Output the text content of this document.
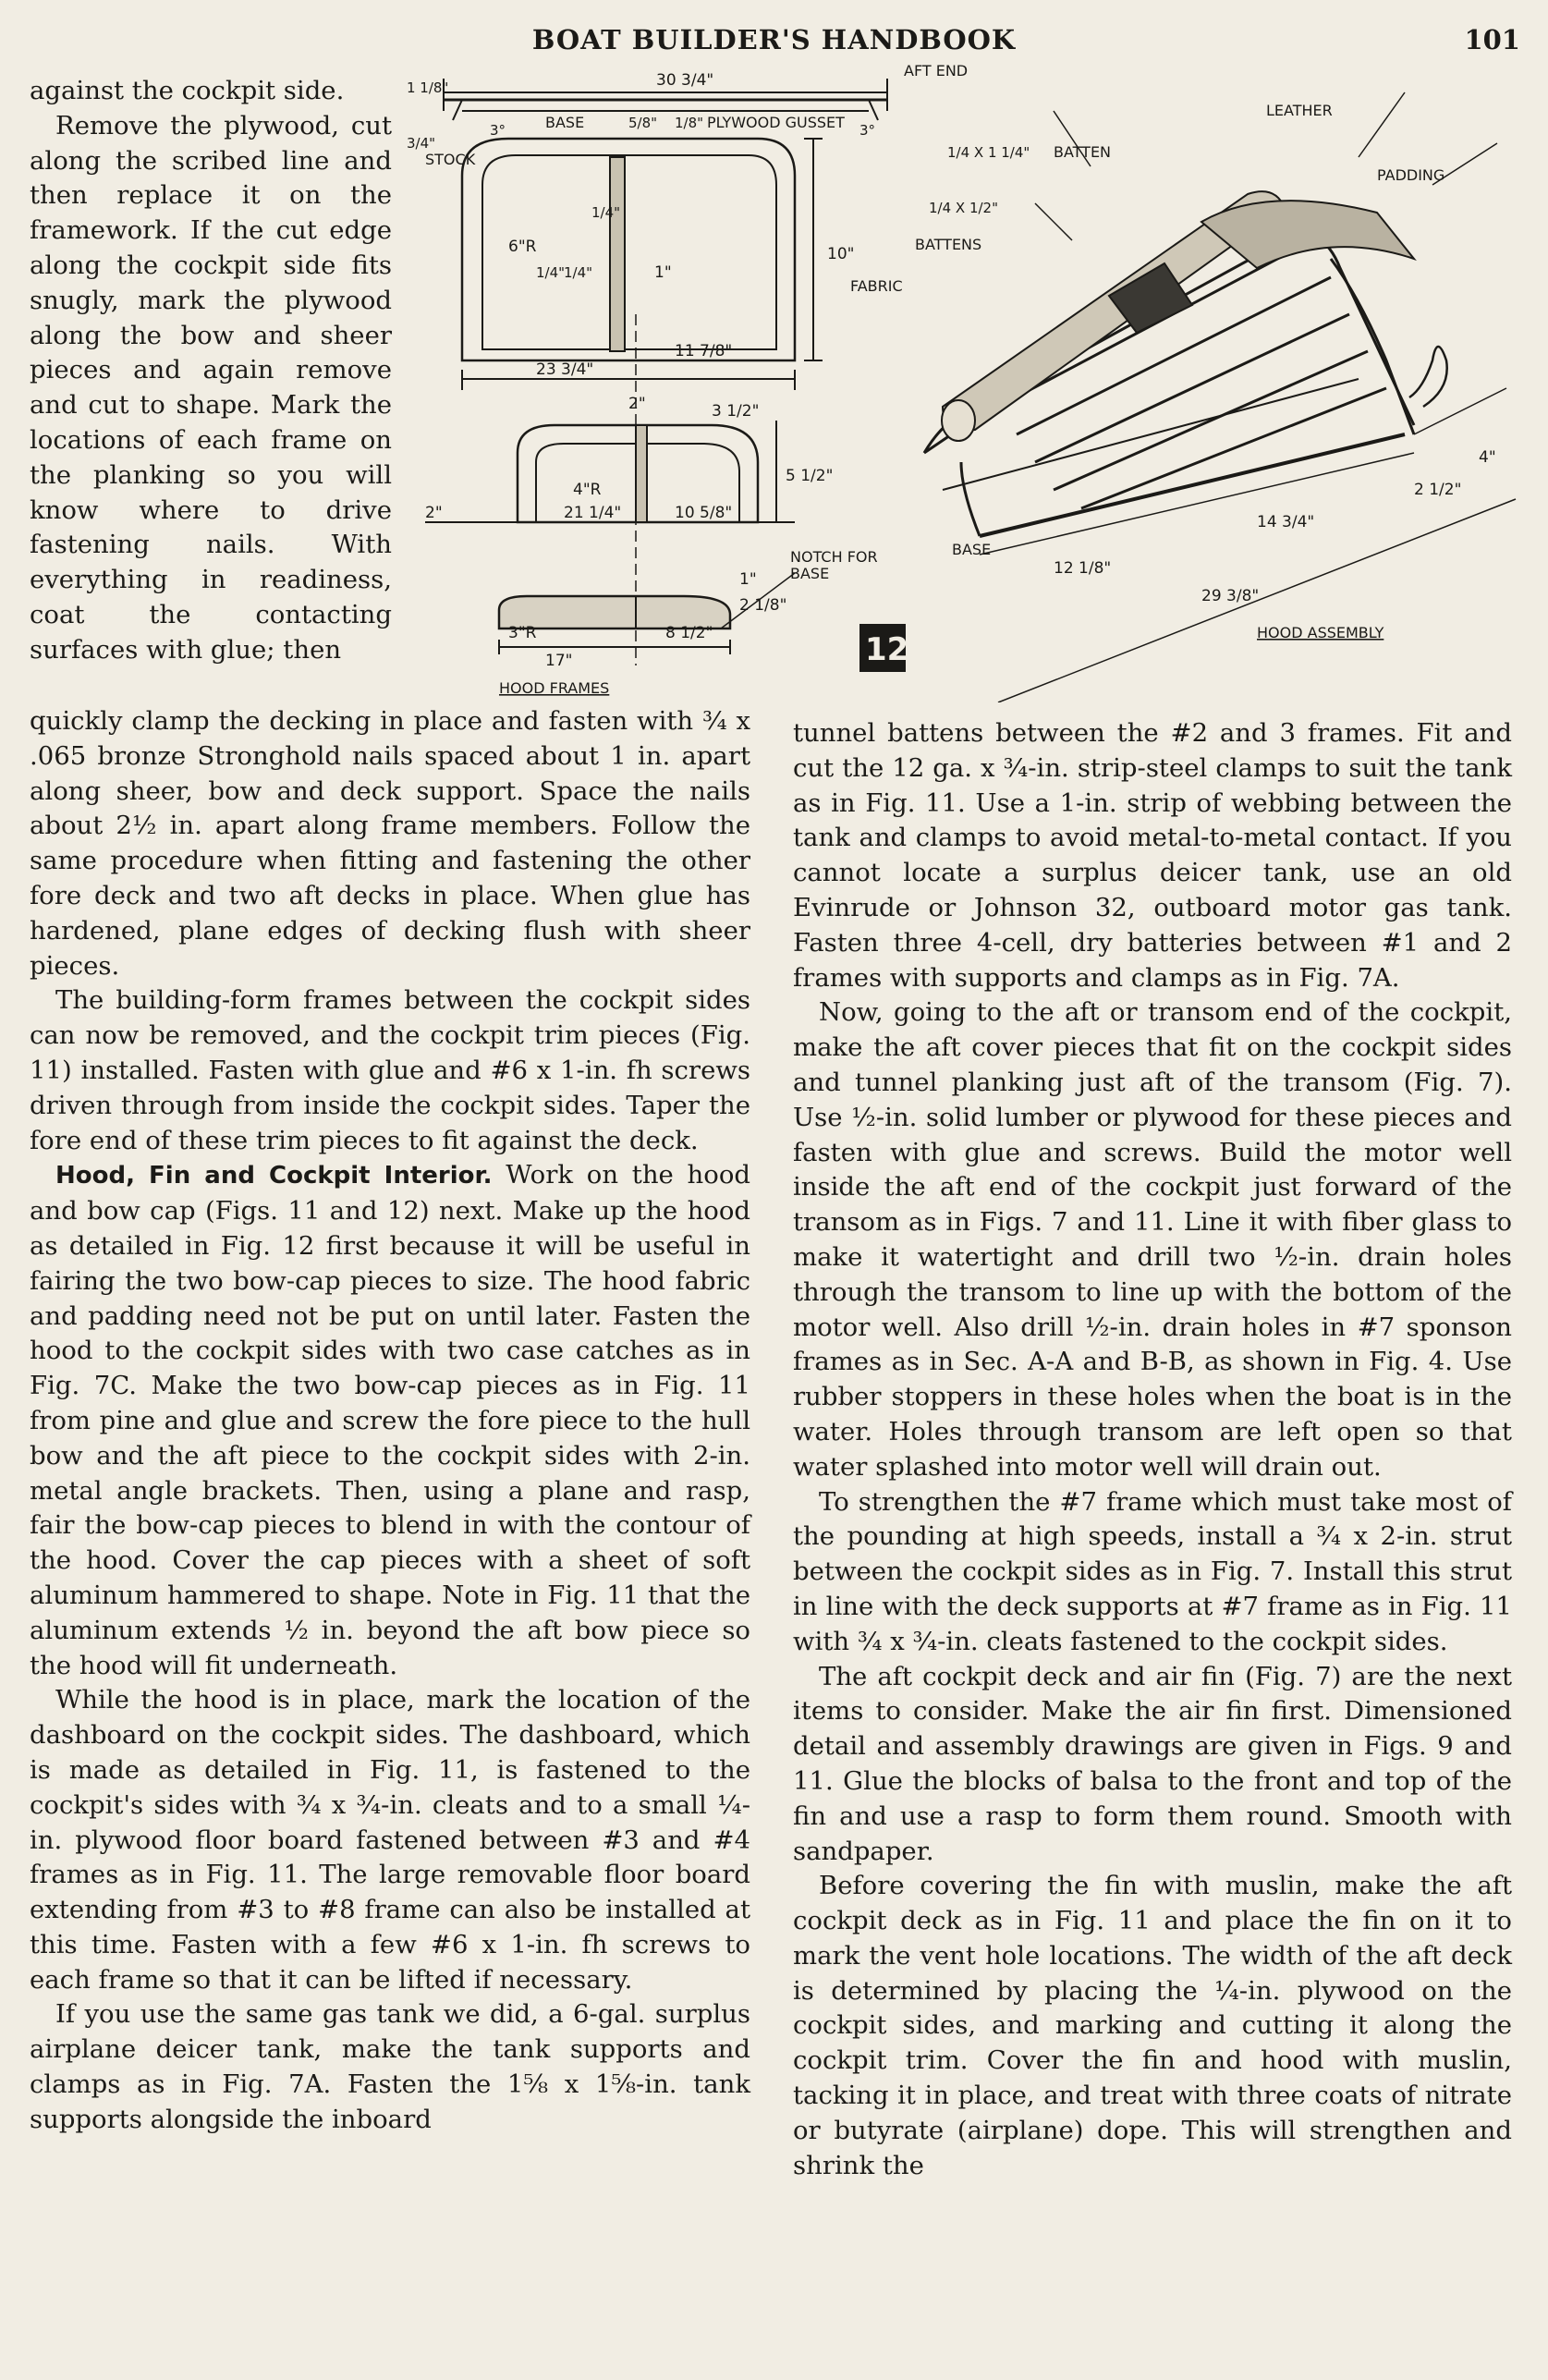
BOAT BUILDER'S HANDBOOK	101
30 3/4"
AFT END
3°	3°
1 1/8"
BASE	5/8" 1/8" PLYWOOD GUSSET
3/4"
STOCK
6"R
1/4"
1/4"
1/4"
1"
10"
23 3/4"
11 7/8"
2"	3 1/2"
5 1/2"
4"R
2"	21 1/4"	10 5/8"
2 1/8"
1"
3"R
17"
8 1/2"
HOOD FRAMES
NOTCH FOR
BASE
12
1/4 X 1 1/4" BATTEN
1/4 X 1/2"
BATTENS
FABRIC
LEATHER
PADDING
BASE
4"
2 1/2"
14 3/4"
12 1/8"
29 3/8"
HOOD ASSEMBLY

against the cockpit side.

Remove the plywood, cut along the scribed line and then replace it on the framework. If the cut edge along the cockpit side fits snugly, mark the plywood along the bow and sheer pieces and again remove and cut to shape. Mark the locations of each frame on the planking so you will know where to drive fastening nails. With everything in readiness, coat the contacting surfaces with glue; then

quickly clamp the decking in place and fasten with ¾ x .065 bronze Stronghold nails spaced about 1 in. apart along sheer, bow and deck support. Space the nails about 2½ in. apart along frame members. Follow the same procedure when fitting and fastening the other fore deck and two aft decks in place. When glue has hardened, plane edges of decking flush with sheer pieces.

The building-form frames between the cockpit sides can now be removed, and the cockpit trim pieces (Fig. 11) installed. Fasten with glue and #6 x 1-in. fh screws driven through from inside the cockpit sides. Taper the fore end of these trim pieces to fit against the deck.

Hood, Fin and Cockpit Interior. Work on the hood and bow cap (Figs. 11 and 12) next. Make up the hood as detailed in Fig. 12 first because it will be useful in fairing the two bow-cap pieces to size. The hood fabric and padding need not be put on until later. Fasten the hood to the cockpit sides with two case catches as in Fig. 7C. Make the two bow-cap pieces as in Fig. 11 from pine and glue and screw the fore piece to the hull bow and the aft piece to the cockpit sides with 2-in. metal angle brackets. Then, using a plane and rasp, fair the bow-cap pieces to blend in with the contour of the hood. Cover the cap pieces with a sheet of soft aluminum hammered to shape. Note in Fig. 11 that the aluminum extends ½ in. beyond the aft bow piece so the hood will fit underneath.

While the hood is in place, mark the location of the dashboard on the cockpit sides. The dashboard, which is made as detailed in Fig. 11, is fastened to the cockpit's sides with ¾ x ¾-in. cleats and to a small ¼-in. plywood floor board fastened between #3 and #4 frames as in Fig. 11. The large removable floor board extending from #3 to #8 frame can also be installed at this time. Fasten with a few #6 x 1-in. fh screws to each frame so that it can be lifted if necessary.

If you use the same gas tank we did, a 6-gal. surplus airplane deicer tank, make the tank supports and clamps as in Fig. 7A. Fasten the 1⅝ x 1⅝-in. tank supports alongside the inboard

tunnel battens between the #2 and 3 frames. Fit and cut the 12 ga. x ¾-in. strip-steel clamps to suit the tank as in Fig. 11. Use a 1-in. strip of webbing between the tank and clamps to avoid metal-to-metal contact. If you cannot locate a surplus deicer tank, use an old Evinrude or Johnson 32, outboard motor gas tank. Fasten three 4-cell, dry batteries between #1 and 2 frames with supports and clamps as in Fig. 7A.

Now, going to the aft or transom end of the cockpit, make the aft cover pieces that fit on the cockpit sides and tunnel planking just aft of the transom (Fig. 7). Use ½-in. solid lumber or plywood for these pieces and fasten with glue and screws. Build the motor well inside the aft end of the cockpit just forward of the transom as in Figs. 7 and 11. Line it with fiber glass to make it watertight and drill two ½-in. drain holes through the transom to line up with the bottom of the motor well. Also drill ½-in. drain holes in #7 sponson frames as in Sec. A-A and B-B, as shown in Fig. 4. Use rubber stoppers in these holes when the boat is in the water. Holes through transom are left open so that water splashed into motor well will drain out.

To strengthen the #7 frame which must take most of the pounding at high speeds, install a ¾ x 2-in. strut between the cockpit sides as in Fig. 7. Install this strut in line with the deck supports at #7 frame as in Fig. 11 with ¾ x ¾-in. cleats fastened to the cockpit sides.

The aft cockpit deck and air fin (Fig. 7) are the next items to consider. Make the air fin first. Dimensioned detail and assembly drawings are given in Figs. 9 and 11. Glue the blocks of balsa to the front and top of the fin and use a rasp to form them round. Smooth with sandpaper.

Before covering the fin with muslin, make the aft cockpit deck as in Fig. 11 and place the fin on it to mark the vent hole locations. The width of the aft deck is determined by placing the ¼-in. plywood on the cockpit sides, and marking and cutting it along the cockpit trim. Cover the fin and hood with muslin, tacking it in place, and treat with three coats of nitrate or butyrate (airplane) dope. This will strengthen and shrink the
